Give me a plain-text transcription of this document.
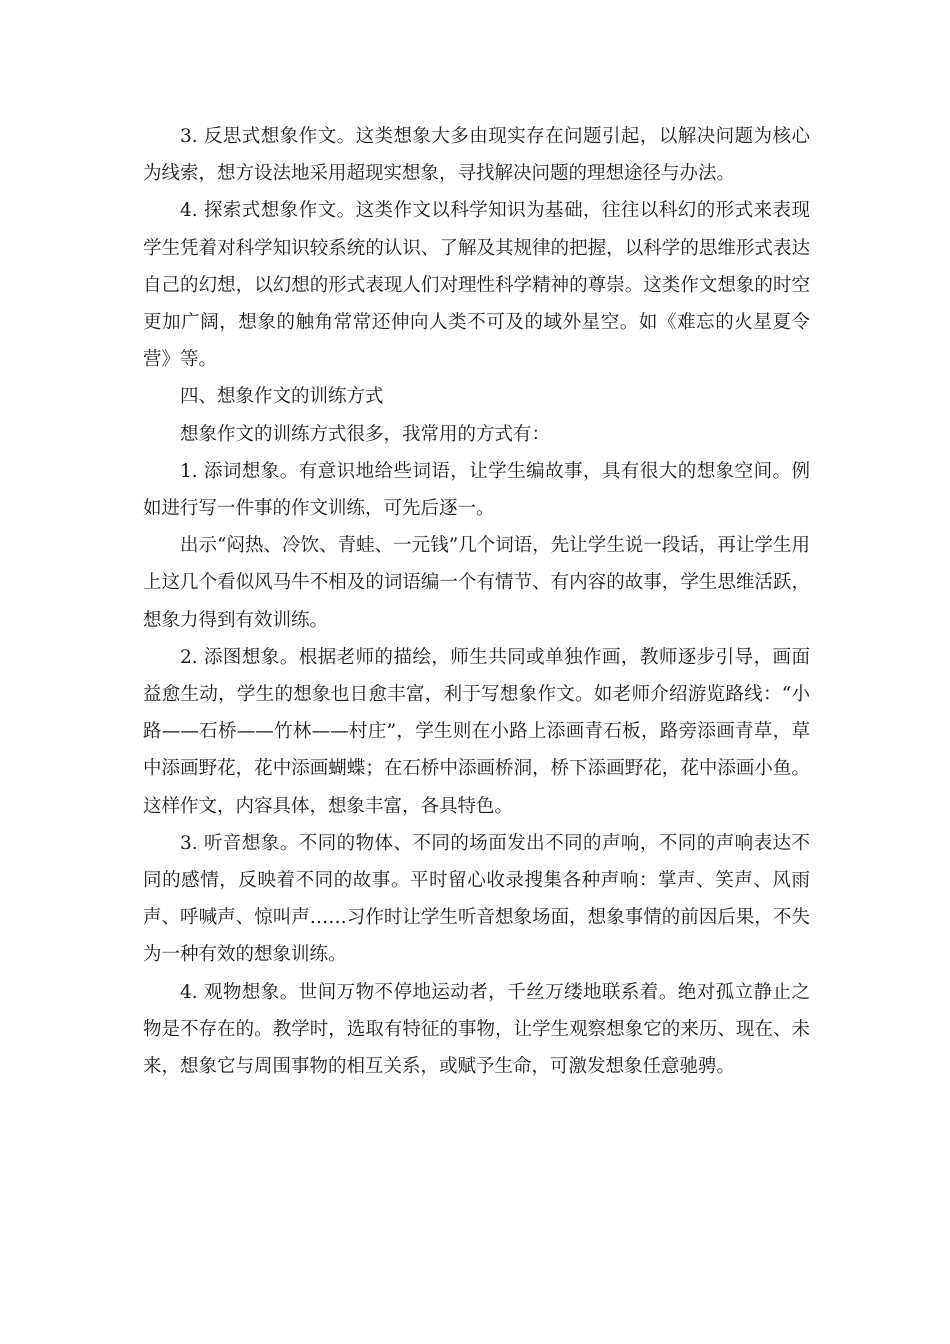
3. 反思式想象作文。这类想象大多由现实存在问题引起，以解决问题为核心为线索，想方设法地采用超现实想象，寻找解决问题的理想途径与办法。

4. 探索式想象作文。这类作文以科学知识为基础，往往以科幻的形式来表现学生凭着对科学知识较系统的认识、了解及其规律的把握，以科学的思维形式表达自己的幻想，以幻想的形式表现人们对理性科学精神的尊崇。这类作文想象的时空更加广阔，想象的触角常常还伸向人类不可及的域外星空。如《难忘的火星夏令营》等。

四、想象作文的训练方式

想象作文的训练方式很多，我常用的方式有：

1. 添词想象。有意识地给些词语，让学生编故事，具有很大的想象空间。例如进行写一件事的作文训练，可先后逐一。

出示“闷热、冷饮、青蛙、一元钱”几个词语，先让学生说一段话，再让学生用上这几个看似风马牛不相及的词语编一个有情节、有内容的故事，学生思维活跃，想象力得到有效训练。

2. 添图想象。根据老师的描绘，师生共同或单独作画，教师逐步引导，画面益愈生动，学生的想象也日愈丰富，利于写想象作文。如老师介绍游览路线：“小路——石桥——竹林——村庄”，学生则在小路上添画青石板，路旁添画青草，草中添画野花，花中添画蝴蝶；在石桥中添画桥洞，桥下添画野花，花中添画小鱼。这样作文，内容具体，想象丰富，各具特色。

3. 听音想象。不同的物体、不同的场面发出不同的声响，不同的声响表达不同的感情，反映着不同的故事。平时留心收录搜集各种声响：掌声、笑声、风雨声、呼喊声、惊叫声……习作时让学生听音想象场面，想象事情的前因后果，不失为一种有效的想象训练。

4. 观物想象。世间万物不停地运动者，千丝万缕地联系着。绝对孤立静止之物是不存在的。教学时，选取有特征的事物，让学生观察想象它的来历、现在、未来，想象它与周围事物的相互关系，或赋予生命，可激发想象任意驰骋。
